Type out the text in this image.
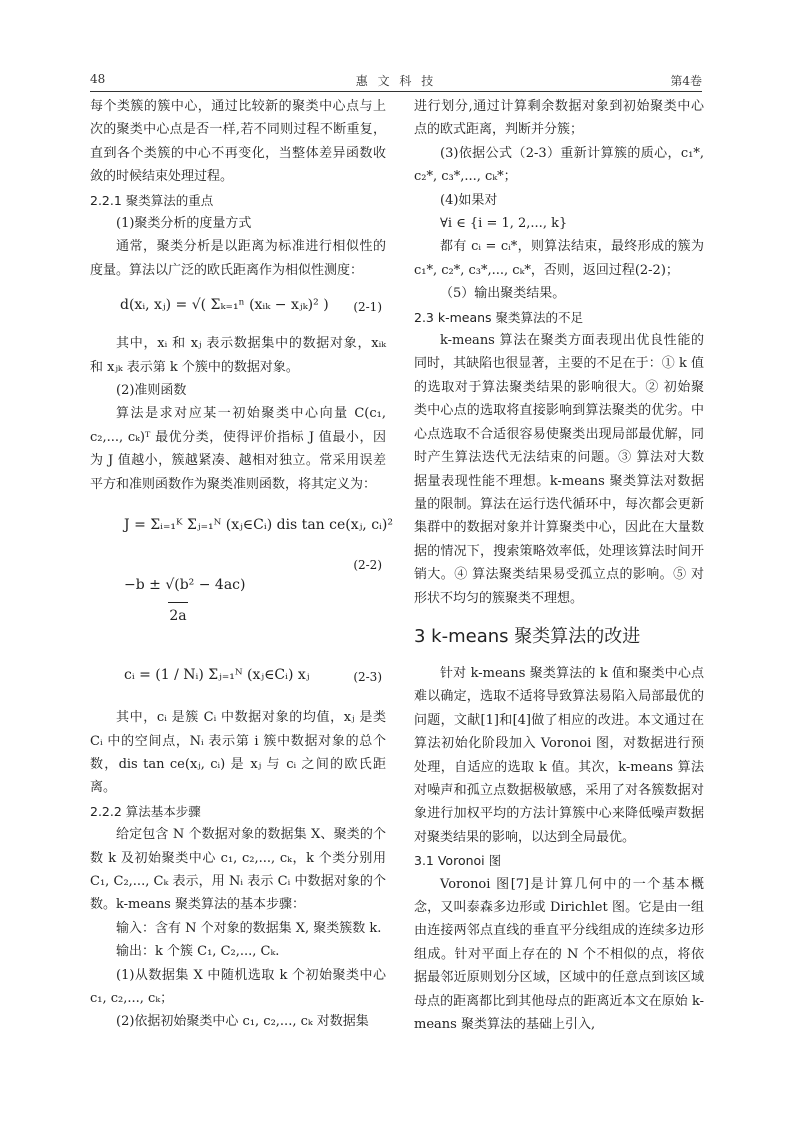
48	惠 文 科 技	第4卷

每个类簇的簇中心，通过比较新的聚类中心点与上次的聚类中心点是否一样,若不同则过程不断重复，直到各个类簇的中心不再变化，当整体差异函数收敛的时候结束处理过程。

2.2.1 聚类算法的重点

(1)聚类分析的度量方式

通常，聚类分析是以距离为标准进行相似性的度量。算法以广泛的欧氏距离作为相似性测度：

d(xᵢ, xⱼ) = √( Σₖ₌₁ⁿ (xᵢₖ − xⱼₖ)² ) (2-1)

其中，xᵢ 和 xⱼ 表示数据集中的数据对象，xᵢₖ 和 xⱼₖ 表示第 k 个簇中的数据对象。

(2)准则函数

算法是求对应某一初始聚类中心向量 C(c₁, c₂,..., cₖ)ᵀ 最优分类，使得评价指标 J 值最小，因为 J 值越小，簇越紧凑、越相对独立。常采用误差平方和准则函数作为聚类准则函数，将其定义为：

J = Σᵢ₌₁ᴷ Σⱼ₌₁ᴺ (xⱼ∈Cᵢ) dis tan ce(xⱼ, cᵢ)²
−b ± √(b² − 4ac)
2a
(2-2)
cᵢ = (1 / Nᵢ) Σⱼ₌₁ᴺ (xⱼ∈Cᵢ) xⱼ	(2-3)

其中，cᵢ 是簇 Cᵢ 中数据对象的均值，xⱼ 是类 Cᵢ 中的空间点，Nᵢ 表示第 i 簇中数据对象的总个数，dis tan ce(xⱼ, cᵢ) 是 xⱼ 与 cᵢ 之间的欧氏距离。

2.2.2 算法基本步骤

给定包含 N 个数据对象的数据集 X、聚类的个数 k 及初始聚类中心 c₁, c₂,..., cₖ，k 个类分别用 C₁, C₂,..., Cₖ 表示，用 Nᵢ 表示 Cᵢ 中数据对象的个数。k-means 聚类算法的基本步骤：

输入：含有 N 个对象的数据集 X, 聚类簇数 k.

输出：k 个簇 C₁, C₂,..., Cₖ.

(1)从数据集 X 中随机选取 k 个初始聚类中心 c₁, c₂,..., cₖ；

(2)依据初始聚类中心 c₁, c₂,..., cₖ 对数据集

进行划分,通过计算剩余数据对象到初始聚类中心点的欧式距离，判断并分簇；

(3)依据公式（2-3）重新计算簇的质心，c₁*, c₂*, c₃*,..., cₖ*；

(4)如果对

∀i ∈ {i = 1, 2,..., k}

都有 cᵢ = cᵢ*，则算法结束，最终形成的簇为 c₁*, c₂*, c₃*,..., cₖ*，否则，返回过程(2-2)；

（5）输出聚类结果。

2.3 k-means 聚类算法的不足

k-means 算法在聚类方面表现出优良性能的同时，其缺陷也很显著，主要的不足在于：① k 值的选取对于算法聚类结果的影响很大。② 初始聚类中心点的选取将直接影响到算法聚类的优劣。中心点选取不合适很容易使聚类出现局部最优解，同时产生算法迭代无法结束的问题。③ 算法对大数据量表现性能不理想。k-means 聚类算法对数据量的限制。算法在运行迭代循环中，每次都会更新集群中的数据对象并计算聚类中心，因此在大量数据的情况下，搜索策略效率低，处理该算法时间开销大。④ 算法聚类结果易受孤立点的影响。⑤ 对形状不均匀的簇聚类不理想。

3 k-means 聚类算法的改进

针对 k-means 聚类算法的 k 值和聚类中心点难以确定，选取不适将导致算法易陷入局部最优的问题，文献[1]和[4]做了相应的改进。本文通过在算法初始化阶段加入 Voronoi 图，对数据进行预处理，自适应的选取 k 值。其次，k-means 算法对噪声和孤立点数据极敏感，采用了对各簇数据对象进行加权平均的方法计算簇中心来降低噪声数据对聚类结果的影响，以达到全局最优。

3.1 Voronoi 图

Voronoi 图[7]是计算几何中的一个基本概念，又叫泰森多边形或 Dirichlet 图。它是由一组由连接两邻点直线的垂直平分线组成的连续多边形组成。针对平面上存在的 N 个不相似的点，将依据最邻近原则划分区域，区域中的任意点到该区域母点的距离都比到其他母点的距离近本文在原始 k-means 聚类算法的基础上引入,
